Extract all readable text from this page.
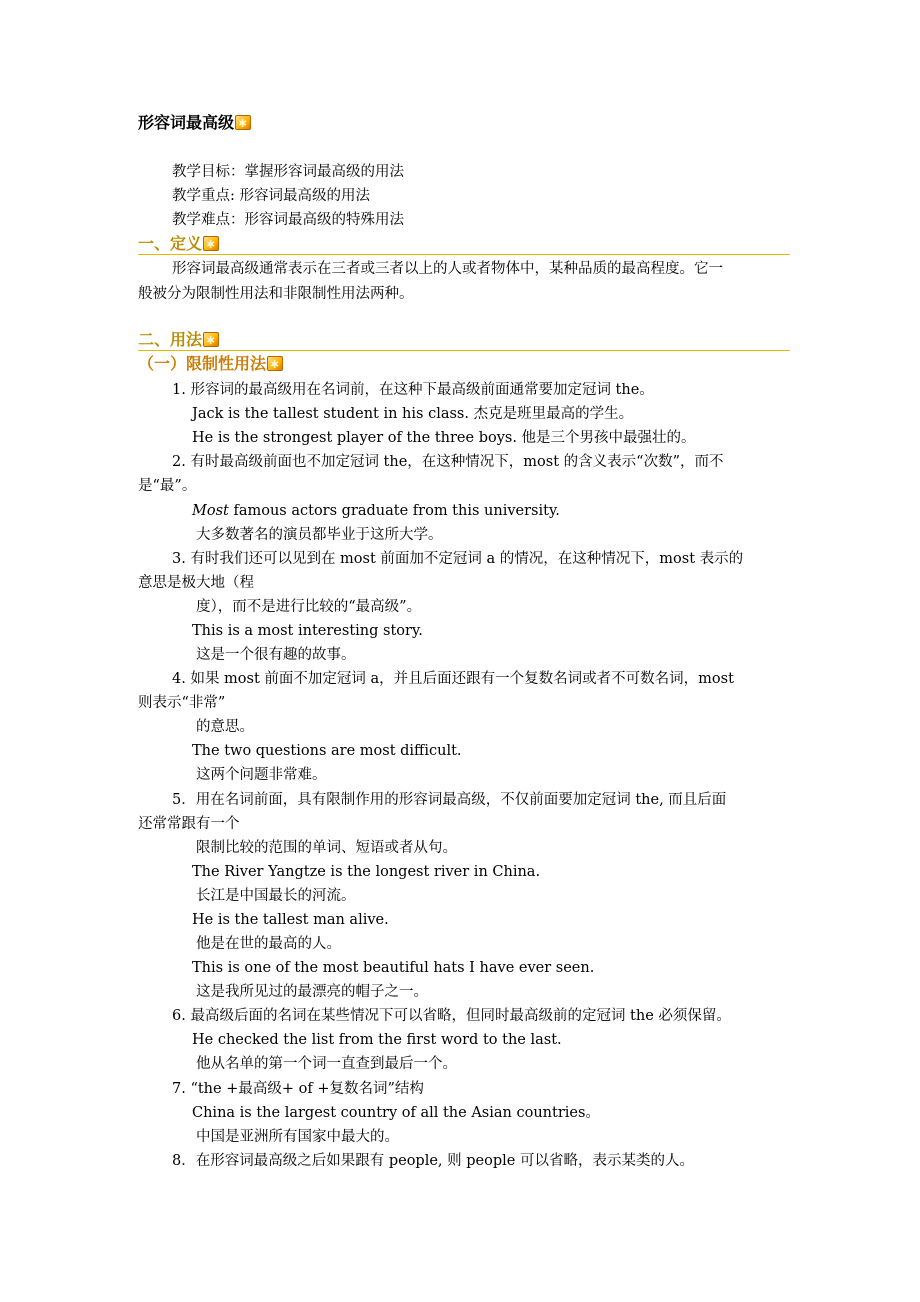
形容词最高级✱
教学目标：掌握形容词最高级的用法
教学重点: 形容词最高级的用法
教学难点：形容词最高级的特殊用法
一、定义✱
形容词最高级通常表示在三者或三者以上的人或者物体中，某种品质的最高程度。它一
般被分为限制性用法和非限制性用法两种。
二、用法✱
（一）限制性用法✱
1. 形容词的最高级用在名词前，在这种下最高级前面通常要加定冠词 the。
Jack is the tallest student in his class. 杰克是班里最高的学生。
He is the strongest player of the three boys. 他是三个男孩中最强壮的。
2. 有时最高级前面也不加定冠词 the，在这种情况下，most 的含义表示“次数”，而不
是“最”。
Most famous actors graduate from this university.
大多数著名的演员都毕业于这所大学。
3. 有时我们还可以见到在 most 前面加不定冠词 a 的情况，在这种情况下，most 表示的
意思是极大地（程
度），而不是进行比较的“最高级”。
This is a most interesting story.
这是一个很有趣的故事。
4. 如果 most 前面不加定冠词 a，并且后面还跟有一个复数名词或者不可数名词，most
则表示“非常”
的意思。
The two questions are most difficult.
这两个问题非常难。
5．用在名词前面，具有限制作用的形容词最高级，不仅前面要加定冠词 the, 而且后面
还常常跟有一个
限制比较的范围的单词、短语或者从句。
The River Yangtze is the longest river in China.
长江是中国最长的河流。
He is the tallest man alive.
他是在世的最高的人。
This is one of the most beautiful hats I have ever seen.
这是我所见过的最漂亮的帽子之一。
6. 最高级后面的名词在某些情况下可以省略，但同时最高级前的定冠词 the 必须保留。
He checked the list from the first word to the last.
他从名单的第一个词一直查到最后一个。
7. “the +最高级+ of +复数名词”结构
China is the largest country of all the Asian countries。
中国是亚洲所有国家中最大的。
8．在形容词最高级之后如果跟有 people, 则 people 可以省略，表示某类的人。
